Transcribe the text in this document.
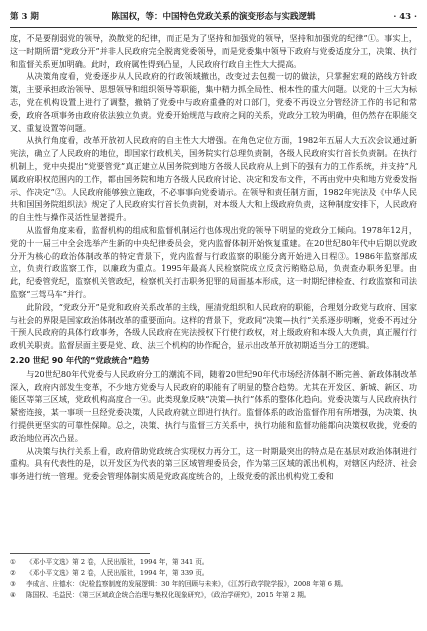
第 3 期	陈国权，等：中国特色党政关系的演变形态与实践逻辑	· 43 ·

度，不是要削弱党的领导，涣散党的纪律，而正是为了坚持和加强党的领导，坚持和加强党的纪律”①。事实上，这一时期所谓“党政分开”并非人民政府完全脱离党委领导，而是党委集中领导下政府与党委适度分工，决策、执行和监督关系更加明确。此时，政府属性得到凸显，人民政府行政自主性大大提高。

从决策角度看，党委逐步从人民政府的行政领域撤出，改变过去包揽一切的做法，只掌握宏观的路线方针政策，主要承担政治领导、思想领导和组织领导等职能，集中精力抓全局性、根本性的重大问题。以党的十三大为标志，党在机构设置上进行了调整，撤销了党委中与政府重叠的对口部门，党委不再设立分管经济工作的书记和常委，政府各项事务由政府依法独立负责。党委开始规范与政府之间的关系，党政分工较为明确，但仍然存在职能交叉、重复设置等问题。

从执行角度看，改革开放初人民政府的自主性大大增强。在角色定位方面，1982年五届人大五次会议通过新宪法，确立了人民政府的地位，即国家行政机关，国务院实行总理负责制，各级人民政府实行首长负责制。在执行机制上，党中央提出“党要管党”真正建立从国务院到地方各级人民政府从上到下的强有力的工作系统，并支持“凡属政府职权范围内的工作，都由国务院和地方各级人民政府讨论、决定和发布文件，不再由党中央和地方党委发指示、作决定”②。人民政府能够独立施政，不必事事向党委请示。在领导和责任制方面，1982年宪法及《中华人民共和国国务院组织法》规定了人民政府实行首长负责制，对本级人大和上级政府负责，这种制度安排下，人民政府的自主性与操作灵活性显著提升。

从监督角度来看，监督机构的组成和监督机制运行也体现出党的领导下明显的党政分工倾向。1978年12月，党的十一届三中全会选举产生新的中央纪律委员会，党内监督体制开始恢复重建。在20世纪80年代中后期以党政分开为核心的政治体制改革的特定背景下，党内监督与行政监察的职能分离开始进入日程③。1986年监察部成立，负责行政监察工作，以廉政为重点。1995年最高人民检察院成立反贪污贿赂总局，负责查办职务犯罪。由此，纪委管党纪，监察机关管政纪，检察机关打击职务犯罪的局面基本形成，这一时期纪律检查、行政监察和司法监察“三驾马车”并行。

此阶段，“党政分开”是党和政府关系改革的主线，厘清党组织和人民政府的职能，合理划分政党与政府、国家与社会的界限是国家政治体制改革的重要面向。这样的背景下，党政间“决策—执行”关系逐步明晰，党委不再过分干预人民政府的具体行政事务，各级人民政府在宪法授权下行使行政权，对上级政府和本级人大负责，真正履行行政机关职责。监督层面主要是党、政、法三个机构的协作配合，显示出改革开放初期适当分工的逻辑。

2.20 世纪 90 年代的“党政统合”趋势

与20世纪80年代党委与人民政府分工的潮流不同，随着20世纪90年代市场经济体制不断完善、新政体制改革深入，政府内部发生变革，不少地方党委与人民政府的职能有了明显的整合趋势。尤其在开发区、新城、新区、功能区等第三区域，党政机构高度合一④。此类现象反映“决策—执行”体系的整体化趋向。党委决策与人民政府执行紧密连接，某一事项一旦经党委决策，人民政府就立即进行执行。监督体系的政治监督作用有所增强，为决策、执行提供更坚实的可靠性保障。总之，决策、执行与监督三方关系中，执行功能和监督功能都向决策权收拢，党委的政治地位再次凸显。

从决策与执行关系上看，政府借助党政统合实现权力再分工，这一时期最突出的特点是在基层对政治体制进行重构。具有代表性的是，以开发区为代表的第三区域管理委员会，作为第三区域的派出机构，对辖区内经济、社会事务进行统一管理。党委会管理体制实质是党政高度统合的，上级党委的派出机构党工委和

① 《邓小平文选》第 2 卷，人民出版社，1994 年，第 341 页。
② 《邓小平文选》第 2 卷，人民出版社，1994 年，第 339 页。
③ 李成言、庄德水：《纪检监察制度的发展逻辑：30 年的回顾与未来》，《江苏行政学院学报》，2008 年第 6 期。
④ 陈国权、毛益民：《第三区域政企统合治理与集权化现象研究》，《政治学研究》，2015 年第 2 期。
